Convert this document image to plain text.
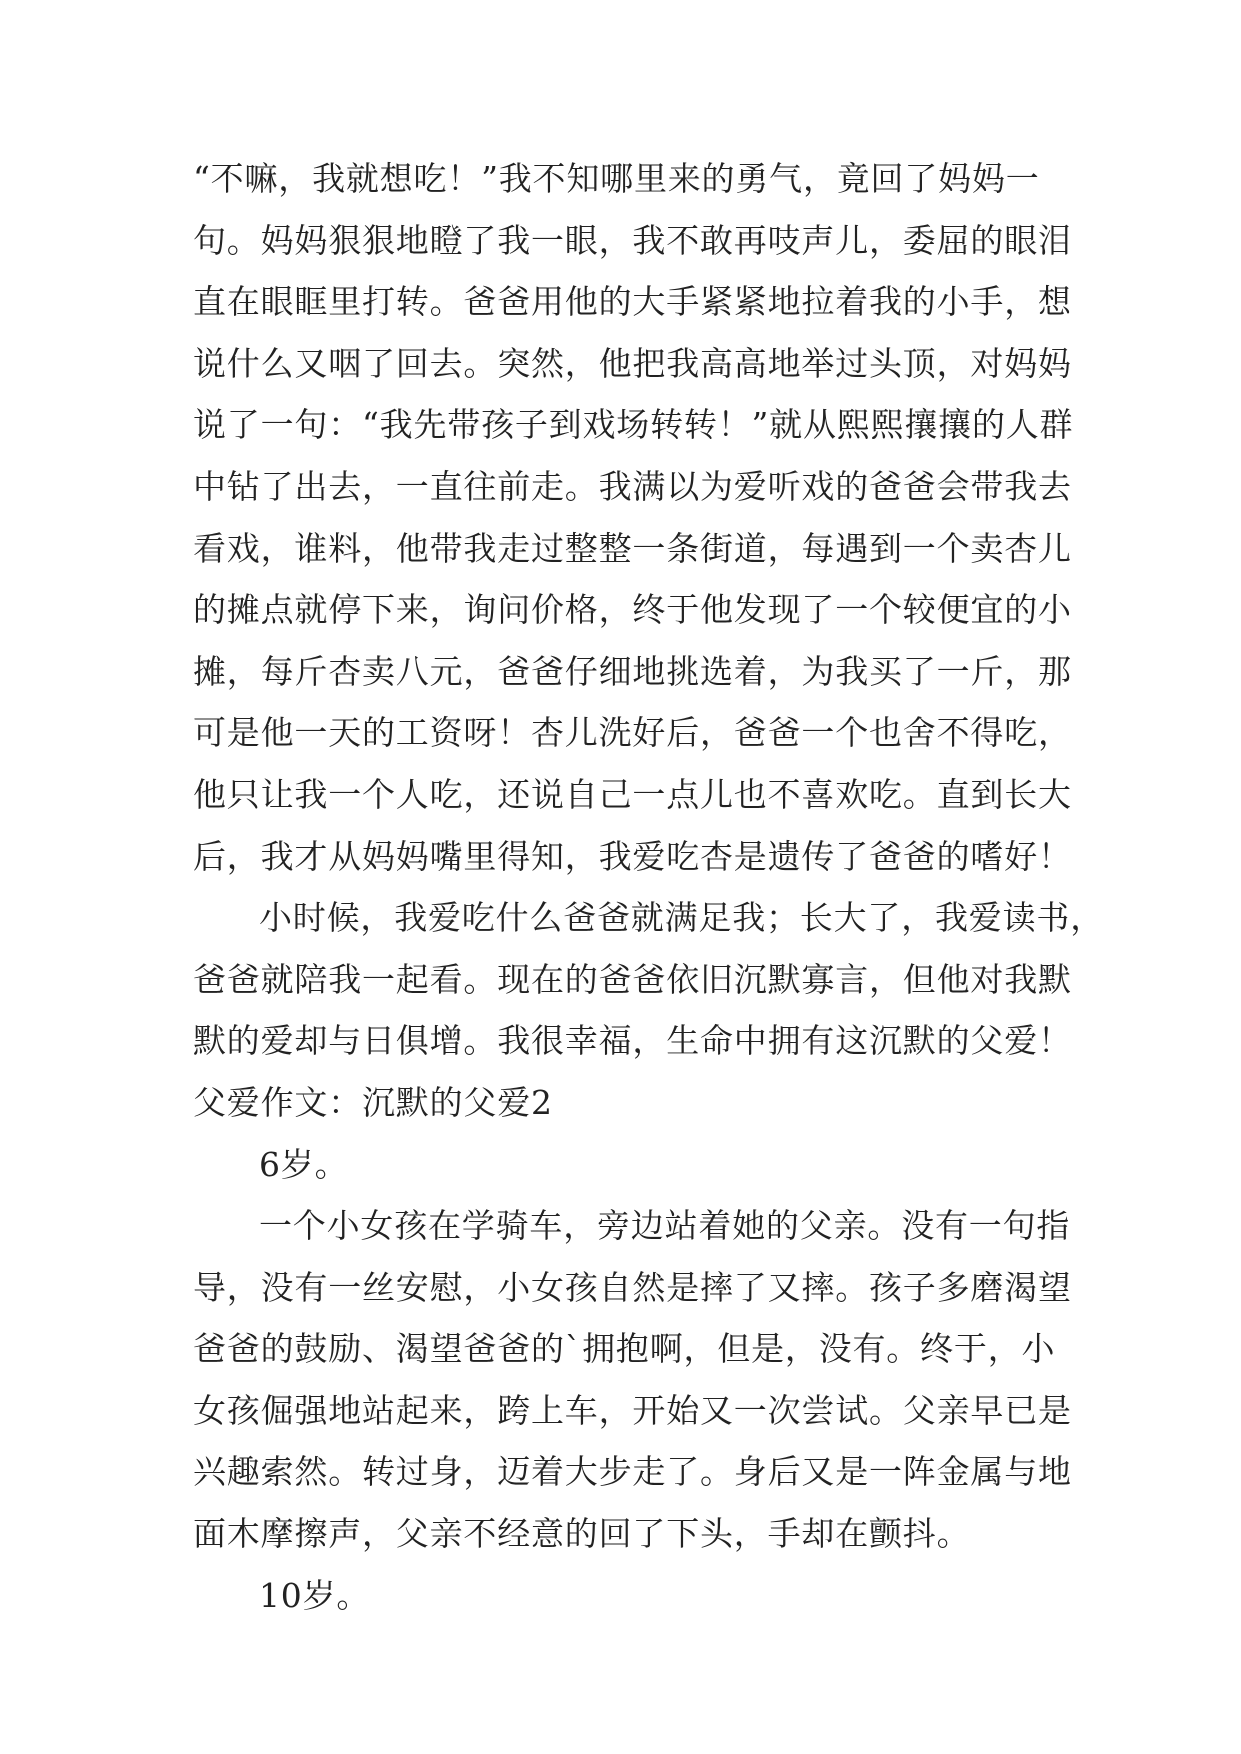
“不嘛，我就想吃！”我不知哪里来的勇气，竟回了妈妈一
句。妈妈狠狠地瞪了我一眼，我不敢再吱声儿，委屈的眼泪
直在眼眶里打转。爸爸用他的大手紧紧地拉着我的小手，想
说什么又咽了回去。突然，他把我高高地举过头顶，对妈妈
说了一句：“我先带孩子到戏场转转！”就从熙熙攘攘的人群
中钻了出去，一直往前走。我满以为爱听戏的爸爸会带我去
看戏，谁料，他带我走过整整一条街道，每遇到一个卖杏儿
的摊点就停下来，询问价格，终于他发现了一个较便宜的小
摊，每斤杏卖八元，爸爸仔细地挑选着，为我买了一斤，那
可是他一天的工资呀！杏儿洗好后，爸爸一个也舍不得吃，
他只让我一个人吃，还说自己一点儿也不喜欢吃。直到长大
后，我才从妈妈嘴里得知，我爱吃杏是遗传了爸爸的嗜好！
小时候，我爱吃什么爸爸就满足我；长大了，我爱读书，
爸爸就陪我一起看。现在的爸爸依旧沉默寡言，但他对我默
默的爱却与日俱增。我很幸福，生命中拥有这沉默的父爱！
父爱作文：沉默的父爱2
6岁。
一个小女孩在学骑车，旁边站着她的父亲。没有一句指
导，没有一丝安慰，小女孩自然是摔了又摔。孩子多磨渴望
爸爸的鼓励、渴望爸爸的`拥抱啊，但是，没有。终于，小
女孩倔强地站起来，跨上车，开始又一次尝试。父亲早已是
兴趣索然。转过身，迈着大步走了。身后又是一阵金属与地
面木摩擦声，父亲不经意的回了下头，手却在颤抖。
10岁。
